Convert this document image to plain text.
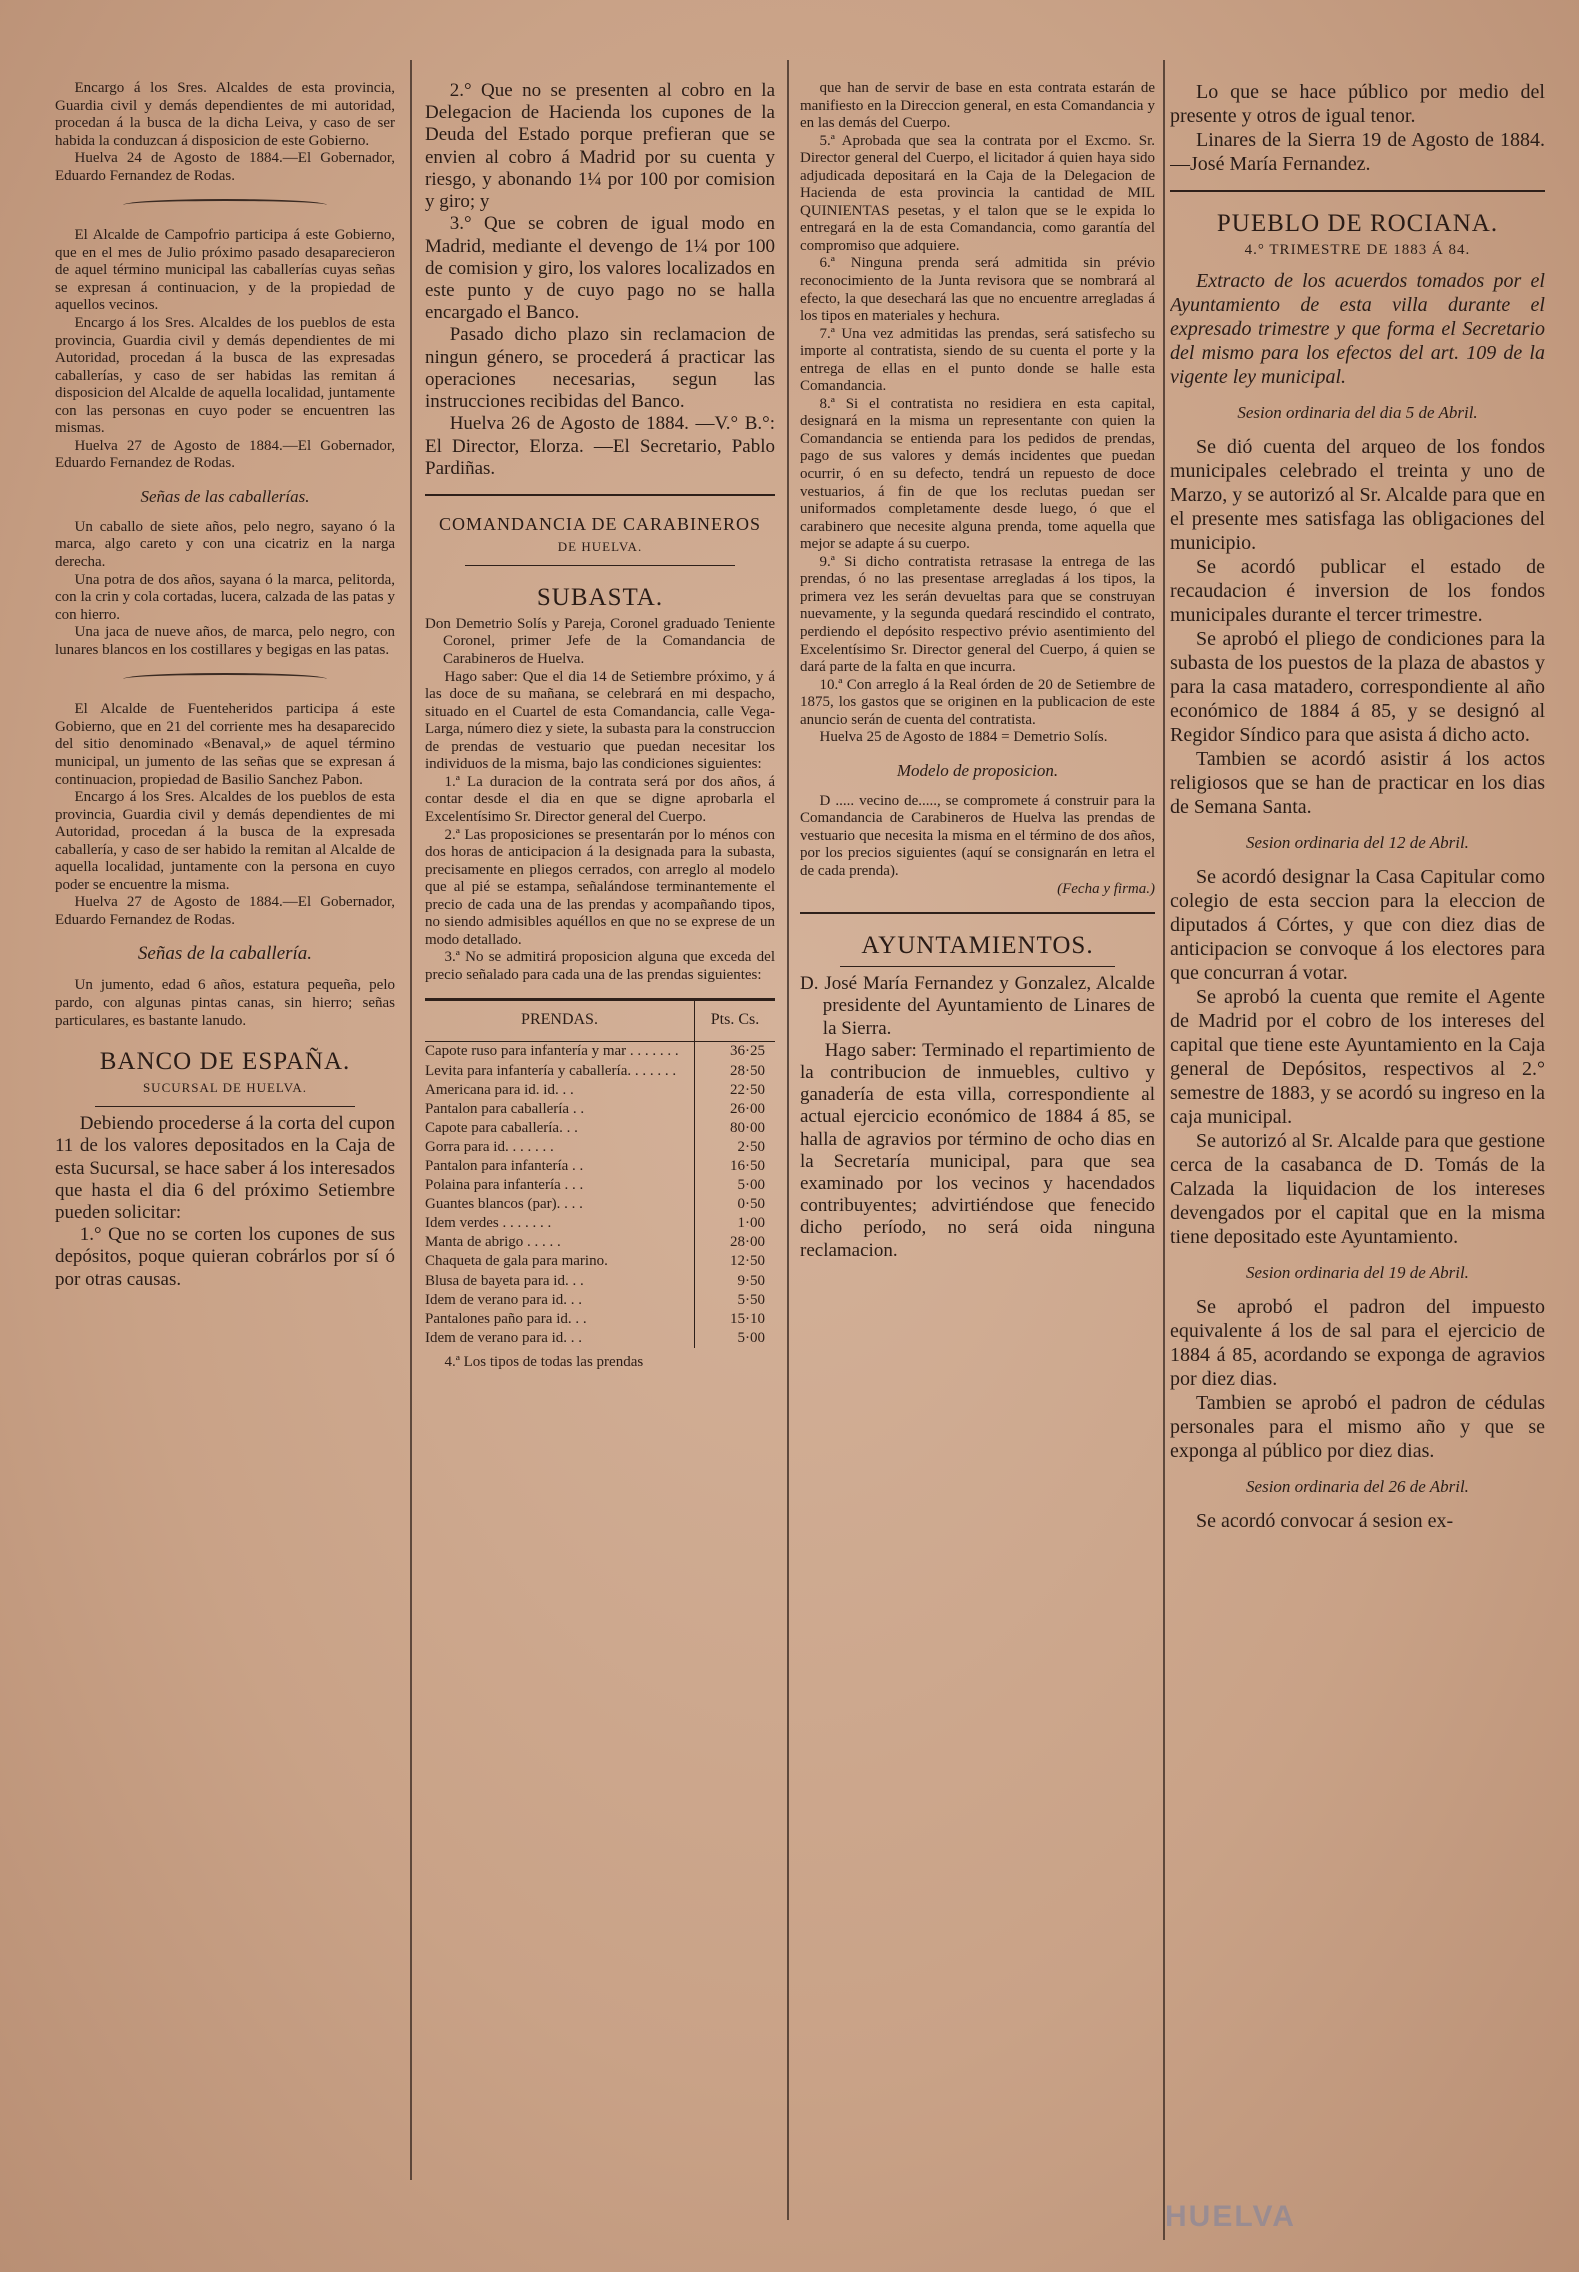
Encargo á los Sres. Alcaldes de esta provincia, Guardia civil y demás dependientes de mi autoridad, procedan á la busca de la dicha Leiva, y caso de ser habida la conduzcan á disposicion de este Gobierno.

Huelva 24 de Agosto de 1884.—El Gobernador, Eduardo Fernandez de Rodas.

El Alcalde de Campofrio participa á este Gobierno, que en el mes de Julio próximo pasado desaparecieron de aquel término municipal las caballerías cuyas señas se expresan á continuacion, y de la propiedad de aquellos vecinos.

Encargo á los Sres. Alcaldes de los pueblos de esta provincia, Guardia civil y demás dependientes de mi Autoridad, procedan á la busca de las expresadas caballerías, y caso de ser habidas las remitan á disposicion del Alcalde de aquella localidad, juntamente con las personas en cuyo poder se encuentren las mismas.

Huelva 27 de Agosto de 1884.—El Gobernador, Eduardo Fernandez de Rodas.

Señas de las caballerías.

Un caballo de siete años, pelo negro, sayano ó la marca, algo careto y con una cicatriz en la narga derecha.

Una potra de dos años, sayana ó la marca, pelitorda, con la crin y cola cortadas, lucera, calzada de las patas y con hierro.

Una jaca de nueve años, de marca, pelo negro, con lunares blancos en los costillares y begigas en las patas.

El Alcalde de Fuenteheridos participa á este Gobierno, que en 21 del corriente mes ha desaparecido del sitio denominado «Benaval,» de aquel término municipal, un jumento de las señas que se expresan á continuacion, propiedad de Basilio Sanchez Pabon.

Encargo á los Sres. Alcaldes de los pueblos de esta provincia, Guardia civil y demás dependientes de mi Autoridad, procedan á la busca de la expresada caballería, y caso de ser habido la remitan al Alcalde de aquella localidad, juntamente con la persona en cuyo poder se encuentre la misma.

Huelva 27 de Agosto de 1884.—El Gobernador, Eduardo Fernandez de Rodas.

Señas de la caballería.

Un jumento, edad 6 años, estatura pequeña, pelo pardo, con algunas pintas canas, sin hierro; señas particulares, es bastante lanudo.

BANCO DE ESPAÑA.
SUCURSAL DE HUELVA.

Debiendo procederse á la corta del cupon 11 de los valores depositados en la Caja de esta Sucursal, se hace saber á los interesados que hasta el dia 6 del próximo Setiembre pueden solicitar:

1.° Que no se corten los cupones de sus depósitos, poque quieran cobrárlos por sí ó por otras causas.

2.° Que no se presenten al cobro en la Delegacion de Hacienda los cupones de la Deuda del Estado porque prefieran que se envien al cobro á Madrid por su cuenta y riesgo, y abonando 1¼ por 100 por comision y giro; y

3.° Que se cobren de igual modo en Madrid, mediante el devengo de 1¼ por 100 de comision y giro, los valores localizados en este punto y de cuyo pago no se halla encargado el Banco.

Pasado dicho plazo sin reclamacion de ningun género, se procederá á practicar las operaciones necesarias, segun las instrucciones recibidas del Banco.

Huelva 26 de Agosto de 1884. —V.° B.°: El Director, Elorza. —El Secretario, Pablo Pardiñas.

COMANDANCIA DE CARABINEROS
DE HUELVA.
SUBASTA.

Don Demetrio Solís y Pareja, Coronel graduado Teniente Coronel, primer Jefe de la Comandancia de Carabineros de Huelva.

Hago saber: Que el dia 14 de Setiembre próximo, y á las doce de su mañana, se celebrará en mi despacho, situado en el Cuartel de esta Comandancia, calle Vega-Larga, número diez y siete, la subasta para la construccion de prendas de vestuario que puedan necesitar los individuos de la misma, bajo las condiciones siguientes:

1.ª La duracion de la contrata será por dos años, á contar desde el dia en que se digne aprobarla el Excelentísimo Sr. Director general del Cuerpo.

2.ª Las proposiciones se presentarán por lo ménos con dos horas de anticipacion á la designada para la subasta, precisamente en pliegos cerrados, con arreglo al modelo que al pié se estampa, señalándose terminantemente el precio de cada una de las prendas y acompañando tipos, no siendo admisibles aquéllos en que no se exprese de un modo detallado.

3.ª No se admitirá proposicion alguna que exceda del precio señalado para cada una de las prendas siguientes:

PRENDAS.	Pts. Cs.
Capote ruso para infantería y mar . . . . . . .	36·25
Levita para infantería y caballería. . . . . . .	28·50
Americana para id. id. . .	22·50
Pantalon para caballería . .	26·00
Capote para caballería. . .	80·00
Gorra para id. . . . . . .	2·50
Pantalon para infantería . .	16·50
Polaina para infantería . . .	5·00
Guantes blancos (par). . . .	0·50
Idem verdes . . . . . . .	1·00
Manta de abrigo . . . . .	28·00
Chaqueta de gala para marino.	12·50
Blusa de bayeta para id. . .	9·50
Idem de verano para id. . .	5·50
Pantalones paño para id. . .	15·10
Idem de verano para id. . .	5·00

4.ª Los tipos de todas las prendas

que han de servir de base en esta contrata estarán de manifiesto en la Direccion general, en esta Comandancia y en las demás del Cuerpo.

5.ª Aprobada que sea la contrata por el Excmo. Sr. Director general del Cuerpo, el licitador á quien haya sido adjudicada depositará en la Caja de la Delegacion de Hacienda de esta provincia la cantidad de MIL QUINIENTAS pesetas, y el talon que se le expida lo entregará en la de esta Comandancia, como garantía del compromiso que adquiere.

6.ª Ninguna prenda será admitida sin prévio reconocimiento de la Junta revisora que se nombrará al efecto, la que desechará las que no encuentre arregladas á los tipos en materiales y hechura.

7.ª Una vez admitidas las prendas, será satisfecho su importe al contratista, siendo de su cuenta el porte y la entrega de ellas en el punto donde se halle esta Comandancia.

8.ª Si el contratista no residiera en esta capital, designará en la misma un representante con quien la Comandancia se entienda para los pedidos de prendas, pago de sus valores y demás incidentes que puedan ocurrir, ó en su defecto, tendrá un repuesto de doce vestuarios, á fin de que los reclutas puedan ser uniformados completamente desde luego, ó que el carabinero que necesite alguna prenda, tome aquella que mejor se adapte á su cuerpo.

9.ª Si dicho contratista retrasase la entrega de las prendas, ó no las presentase arregladas á los tipos, la primera vez les serán devueltas para que se construyan nuevamente, y la segunda quedará rescindido el contrato, perdiendo el depósito respectivo prévio asentimiento del Excelentísimo Sr. Director general del Cuerpo, á quien se dará parte de la falta en que incurra.

10.ª Con arreglo á la Real órden de 20 de Setiembre de 1875, los gastos que se originen en la publicacion de este anuncio serán de cuenta del contratista.

Huelva 25 de Agosto de 1884 = Demetrio Solís.

Modelo de proposicion.

D ..... vecino de....., se compromete á construir para la Comandancia de Carabineros de Huelva las prendas de vestuario que necesita la misma en el término de dos años, por los precios siguientes (aquí se consignarán en letra el de cada prenda).

(Fecha y firma.)

AYUNTAMIENTOS.

D. José María Fernandez y Gonzalez, Alcalde presidente del Ayuntamiento de Linares de la Sierra.

Hago saber: Terminado el repartimiento de la contribucion de inmuebles, cultivo y ganadería de esta villa, correspondiente al actual ejercicio económico de 1884 á 85, se halla de agravios por término de ocho dias en la Secretaría municipal, para que sea examinado por los vecinos y hacendados contribuyentes; advirtiéndose que fenecido dicho período, no será oida ninguna reclamacion.

Lo que se hace público por medio del presente y otros de igual tenor.

Linares de la Sierra 19 de Agosto de 1884.—José María Fernandez.

PUEBLO DE ROCIANA.
4.° TRIMESTRE DE 1883 Á 84.

Extracto de los acuerdos tomados por el Ayuntamiento de esta villa durante el expresado trimestre y que forma el Secretario del mismo para los efectos del art. 109 de la vigente ley municipal.

Sesion ordinaria del dia 5 de Abril.

Se dió cuenta del arqueo de los fondos municipales celebrado el treinta y uno de Marzo, y se autorizó al Sr. Alcalde para que en el presente mes satisfaga las obligaciones del municipio.

Se acordó publicar el estado de recaudacion é inversion de los fondos municipales durante el tercer trimestre.

Se aprobó el pliego de condiciones para la subasta de los puestos de la plaza de abastos y para la casa matadero, correspondiente al año económico de 1884 á 85, y se designó al Regidor Síndico para que asista á dicho acto.

Tambien se acordó asistir á los actos religiosos que se han de practicar en los dias de Semana Santa.

Sesion ordinaria del 12 de Abril.

Se acordó designar la Casa Capitular como colegio de esta seccion para la eleccion de diputados á Córtes, y que con diez dias de anticipacion se convoque á los electores para que concurran á votar.

Se aprobó la cuenta que remite el Agente de Madrid por el cobro de los intereses del capital que tiene este Ayuntamiento en la Caja general de Depósitos, respectivos al 2.° semestre de 1883, y se acordó su ingreso en la caja municipal.

Se autorizó al Sr. Alcalde para que gestione cerca de la casabanca de D. Tomás de la Calzada la liquidacion de los intereses devengados por el capital que en la misma tiene depositado este Ayuntamiento.

Sesion ordinaria del 19 de Abril.

Se aprobó el padron del impuesto equivalente á los de sal para el ejercicio de 1884 á 85, acordando se exponga de agravios por diez dias.

Tambien se aprobó el padron de cédulas personales para el mismo año y que se exponga al público por diez dias.

Sesion ordinaria del 26 de Abril.

Se acordó convocar á sesion ex-

HUELVA
